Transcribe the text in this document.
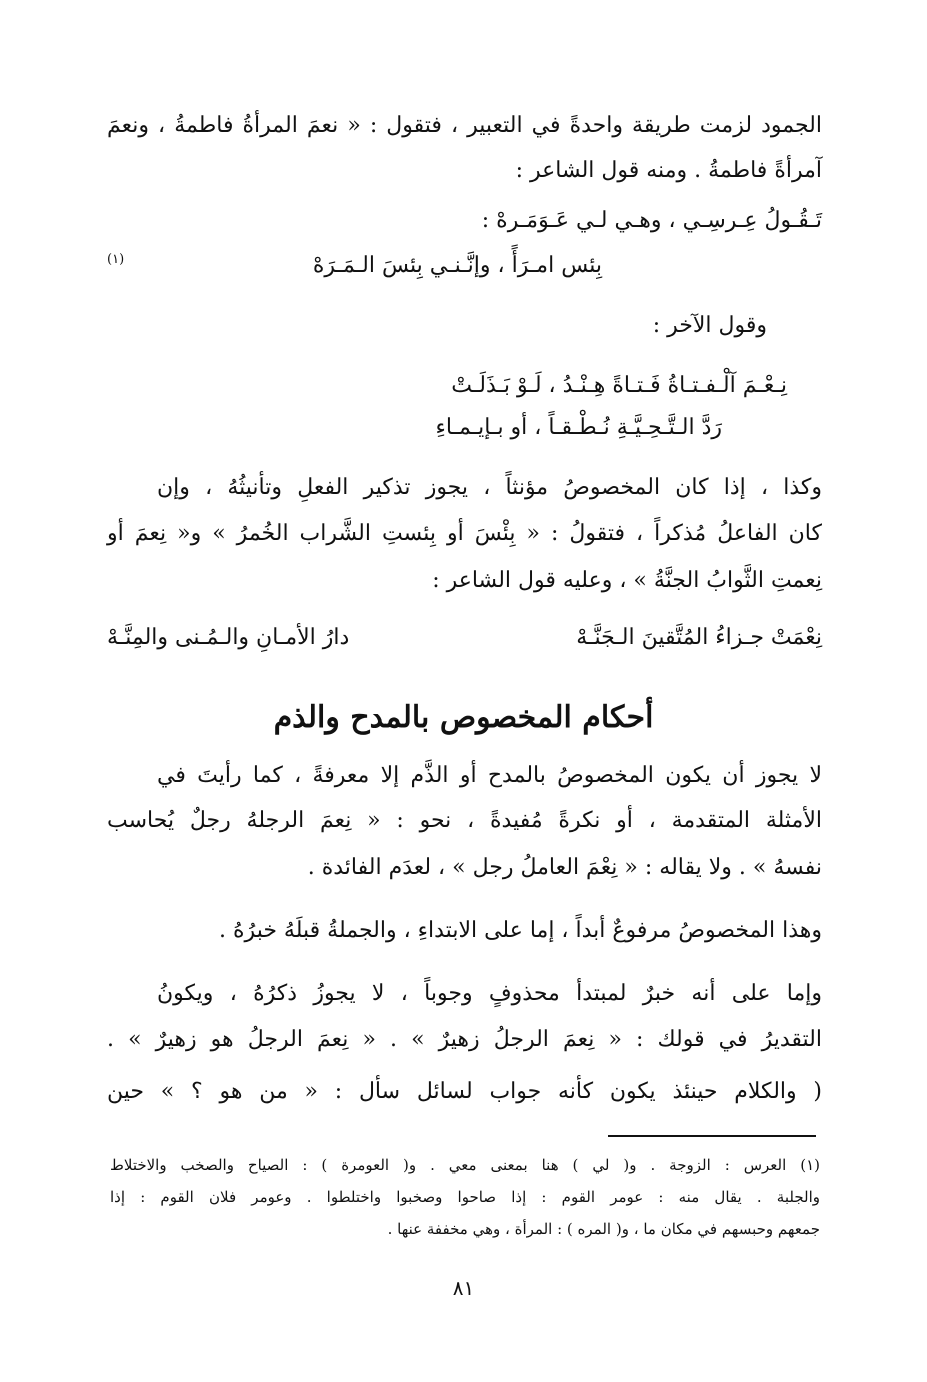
الجمود لزمت طريقة واحدةً في التعبير ، فتقول : « نعمَ المرأةُ فاطمةُ ، ونعمَ
آمرأةً فاطمةُ . ومنه قول الشاعر :
تَـقُـولُ عِـرسِـي ، وهـي لـي عَـوَمَـرهْ :
بِئس امـرَأً ، وإنَّـنـي بِئسَ الـمَـرَهْ
(١)
وقول الآخر :
نِـعْـمَ آلْـفـتـاةُ فَـتـاةً هِـنْـدُ ، لَـوْ بَـذَلَـتْ
رَدَّ الـتَّـحِـيَّـةِ نُـطْـقـاً ، أو بـإيـمـاءِ
وكذا ، إذا كان المخصوصُ مؤنثاً ، يجوز تذكير الفعلِ وتأنيثُهُ ، وإن
كان الفاعلُ مُذكراً ، فتقولُ : « بِئْسَ أو بِئستِ الشَّراب الخُمرُ » و« نِعمَ أو
نِعمتِ الثَّوابُ الجنَّةُ » ، وعليه قول الشاعر :
نِعْمَتْ جـزاءُ المُتَّقينَ الـجَنَّـهْ
دارُ الأمـانِ والـمُـنى والمِنَّـهْ
أحكام المخصوص بالمدح والذم
لا يجوز أن يكون المخصوصُ بالمدح أو الذَّم إلا معرفةً ، كما رأيتَ في
الأمثلة المتقدمة ، أو نكرةً مُفيدةً ، نحو : « نِعمَ الرجلهُ رجلٌ يُحاسب
نفسهُ » . ولا يقاله : « نِعْمَ العاملُ رجل » ، لعدَم الفائدة .
وهذا المخصوصُ مرفوعٌ أبداً ، إما على الابتداءِ ، والجملةُ قبلَهُ خبرُهُ .
وإما على أنه خبرٌ لمبتدأ محذوفٍ وجوباً ، لا يجوزُ ذكرُهُ ، ويكونُ
التقديرُ في قولك : « نِعمَ الرجلُ زهيرٌ » . « نِعمَ الرجلُ هو زهيرٌ » .
( والكلام حينئذ يكون كأنه جواب لسائل سأل : « من هو ؟ » حين
(١) العرس : الزوجة . و( لي ) هنا بمعنى معي . و( العومرة ) : الصياح والصخب والاختلاط
والجلبة . يقال منه : عومر القوم : إذا صاحوا وصخبوا واختلطوا . وعومر فلان القوم : إذا
جمعهم وحبسهم في مكان ما ، و( المره ) : المرأة ، وهي مخففة عنها .
٨١
